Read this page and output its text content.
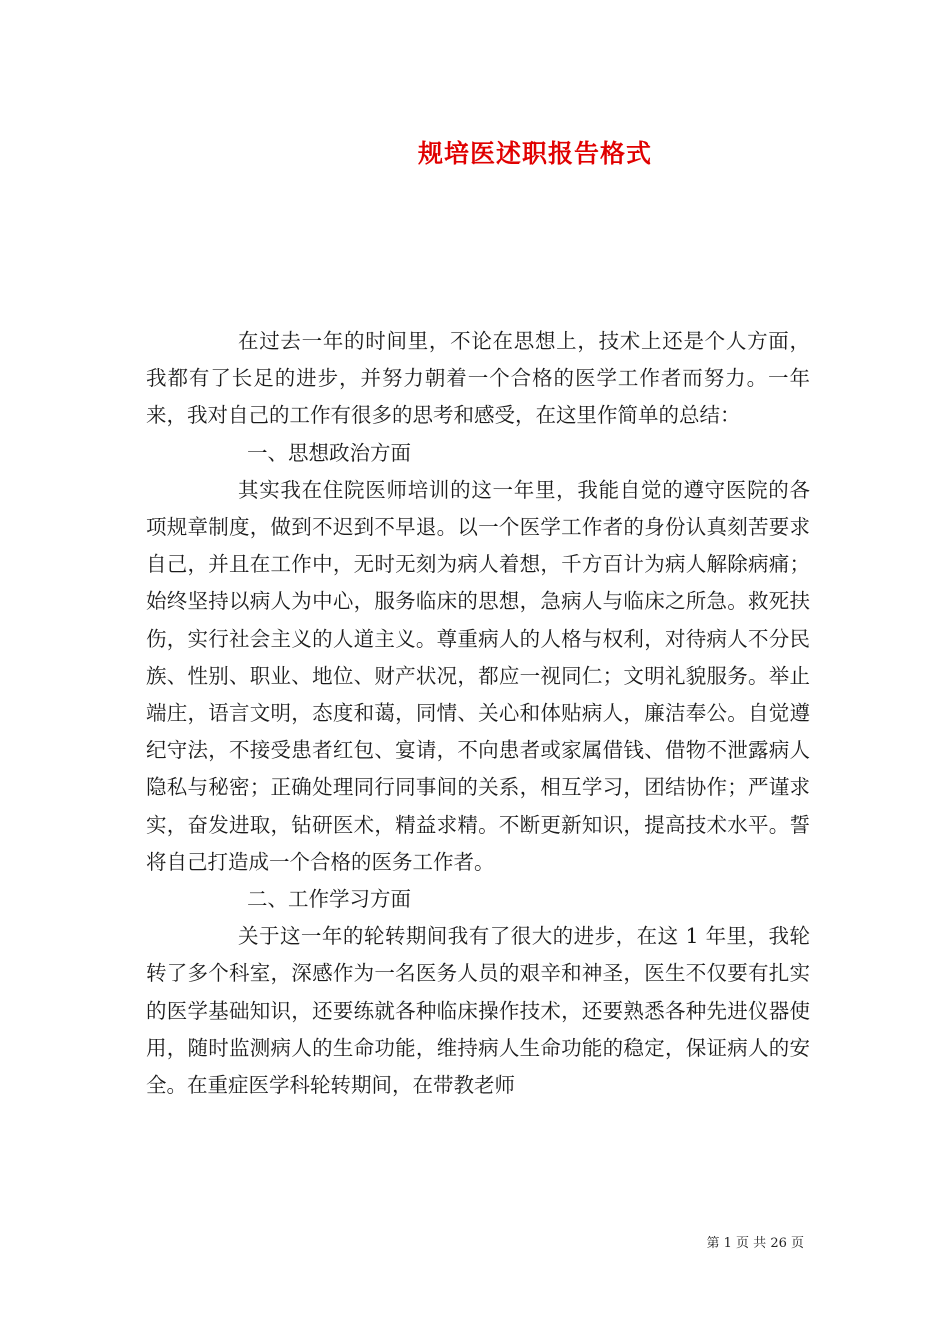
规培医述职报告格式

在过去一年的时间里，不论在思想上，技术上还是个人方面，我都有了长足的进步，并努力朝着一个合格的医学工作者而努力。一年来，我对自己的工作有很多的思考和感受，在这里作简单的总结：

一、思想政治方面

其实我在住院医师培训的这一年里，我能自觉的遵守医院的各项规章制度，做到不迟到不早退。以一个医学工作者的身份认真刻苦要求自己，并且在工作中，无时无刻为病人着想，千方百计为病人解除病痛；始终坚持以病人为中心，服务临床的思想，急病人与临床之所急。救死扶伤，实行社会主义的人道主义。尊重病人的人格与权利，对待病人不分民族、性别、职业、地位、财产状况，都应一视同仁；文明礼貌服务。举止端庄，语言文明，态度和蔼，同情、关心和体贴病人，廉洁奉公。自觉遵纪守法，不接受患者红包、宴请，不向患者或家属借钱、借物不泄露病人隐私与秘密；正确处理同行同事间的关系，相互学习，团结协作；严谨求实，奋发进取，钻研医术，精益求精。不断更新知识，提高技术水平。誓将自己打造成一个合格的医务工作者。

二、工作学习方面

关于这一年的轮转期间我有了很大的进步，在这 1 年里，我轮转了多个科室，深感作为一名医务人员的艰辛和神圣，医生不仅要有扎实的医学基础知识，还要练就各种临床操作技术，还要熟悉各种先进仪器使用，随时监测病人的生命功能，维持病人生命功能的稳定，保证病人的安全。在重症医学科轮转期间，在带教老师

第 1 页 共 26 页
